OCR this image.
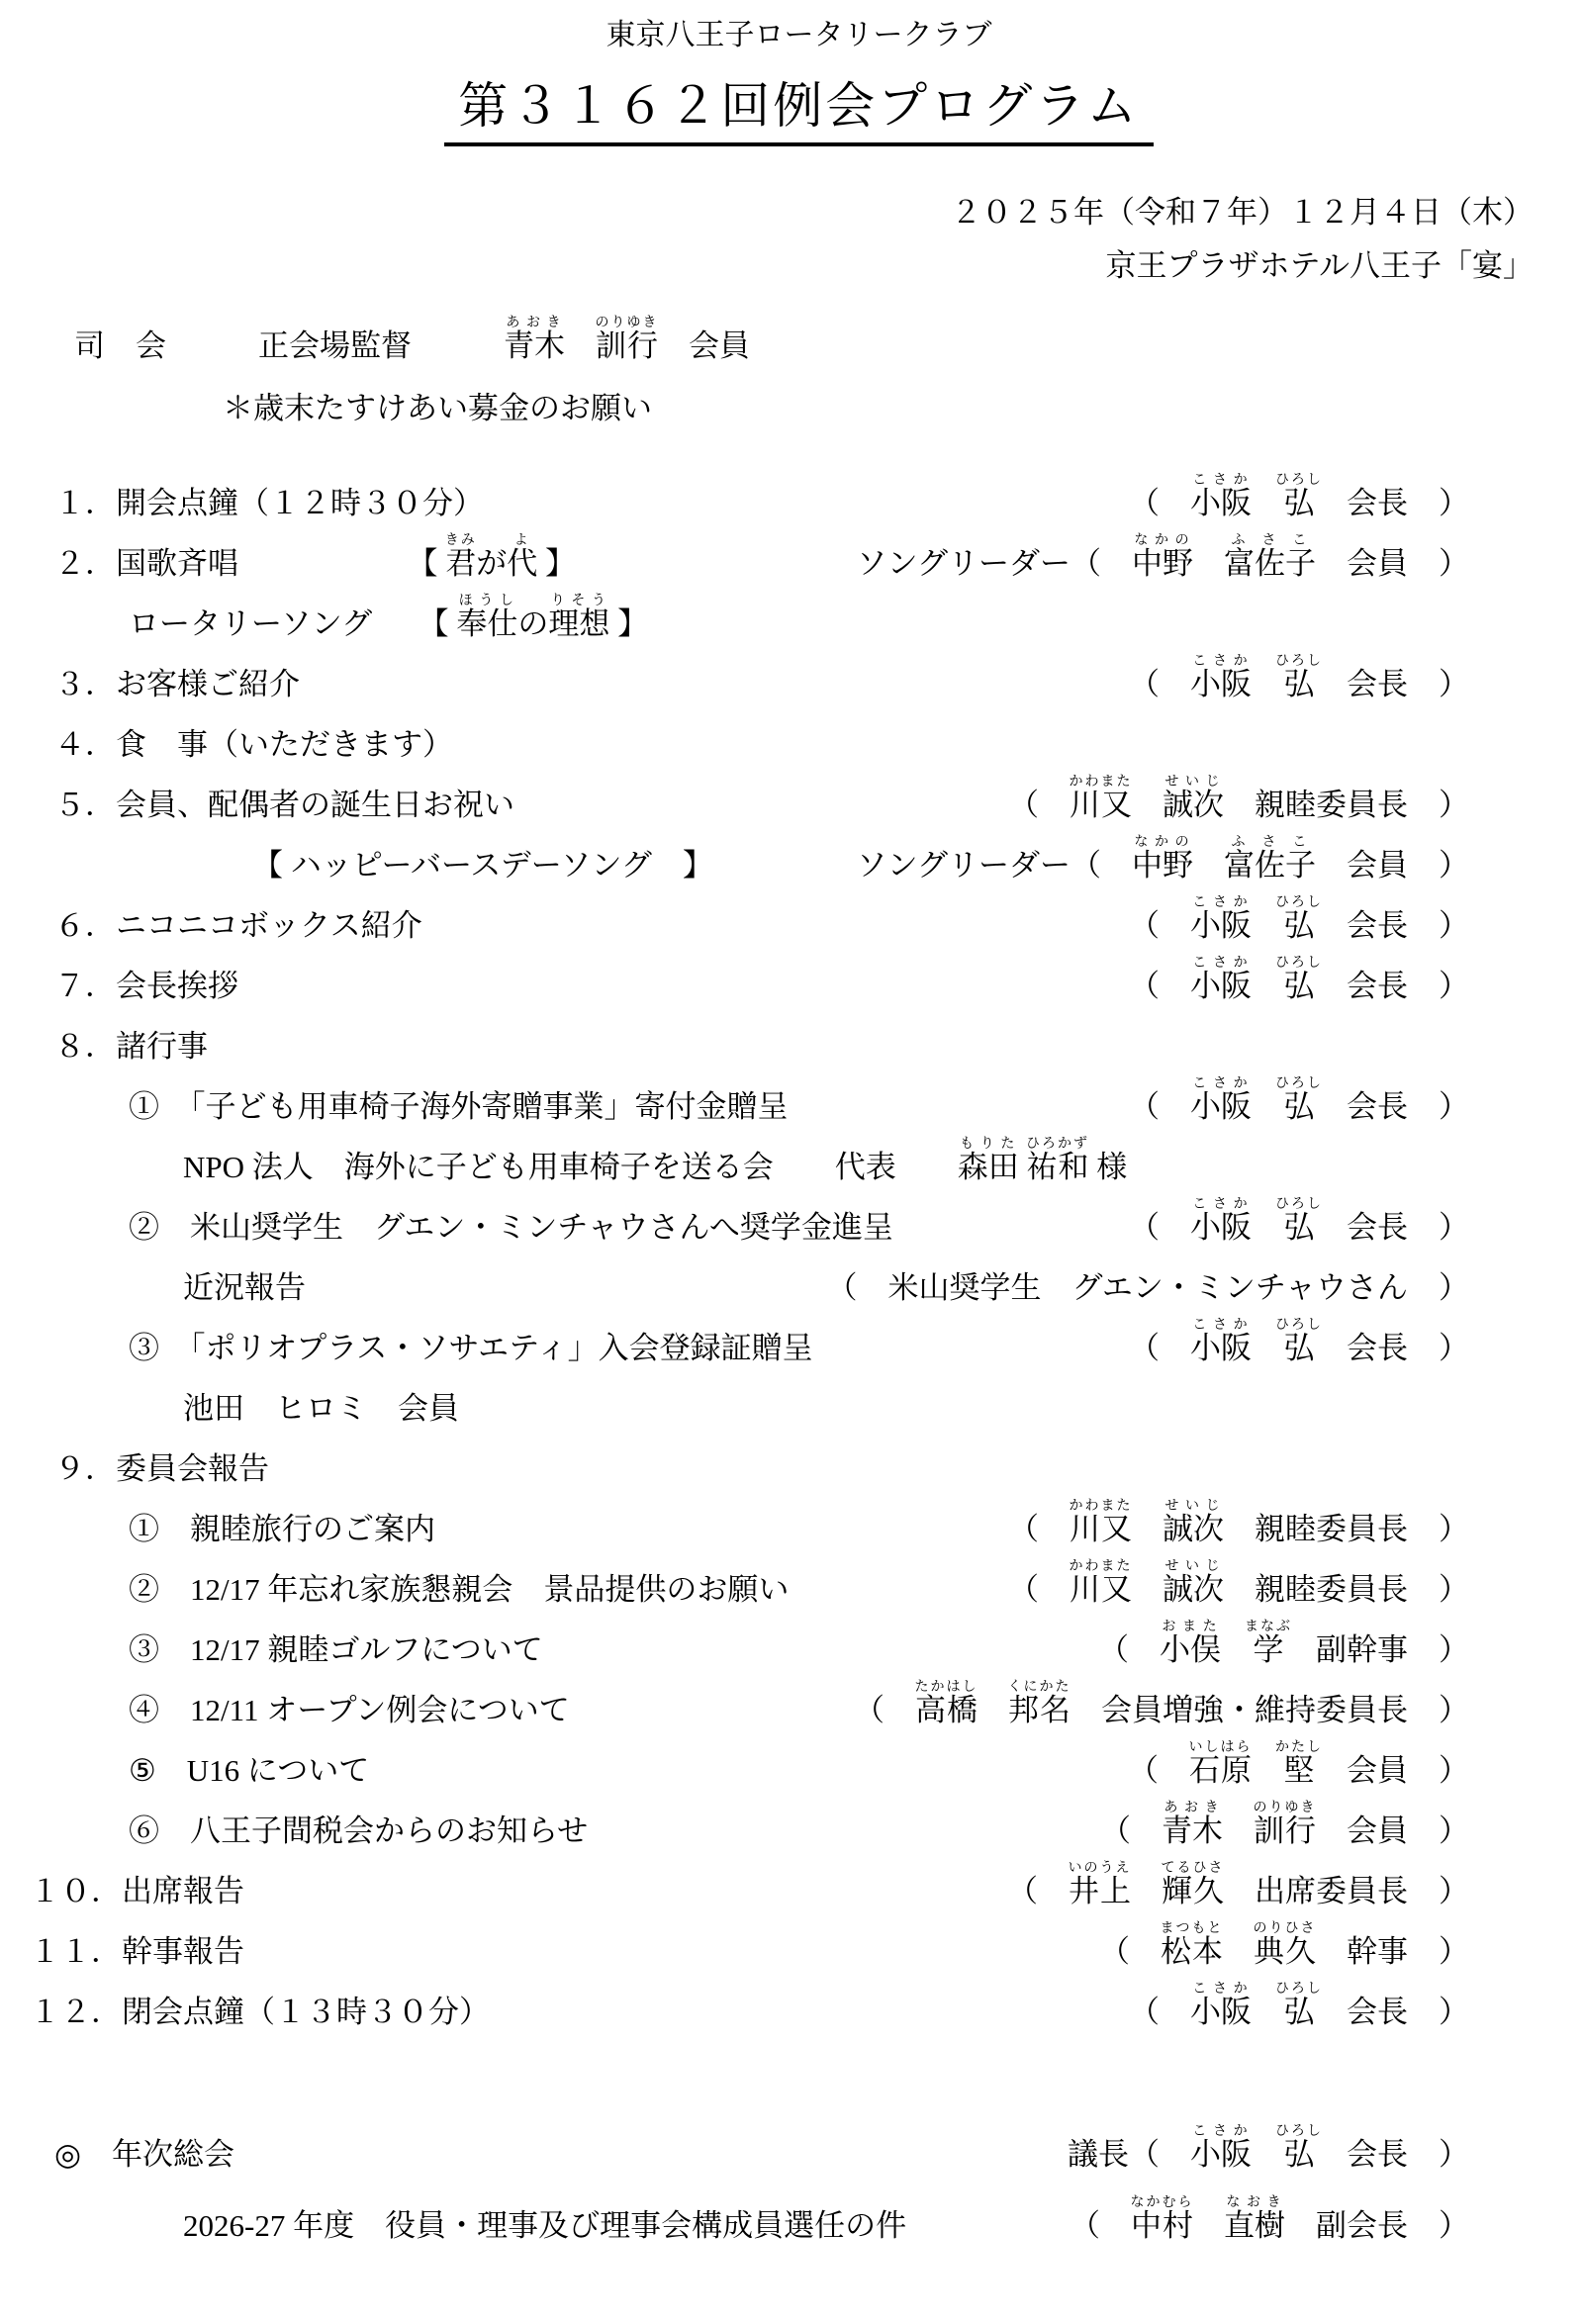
東京八王子ロータリークラブ
第３１６２回例会プログラム
２０２５年（令和７年）１２月４日（木）
京王プラザホテル八王子「宴」
司　会　　　正会場監督　　　青木あおき　訓行のりゆき　会員
＊歳末たすけあい募金のお願い
１．開会点鐘（１２時３０分）	（　小阪こさか　弘ひろし　会長　）
２．国歌斉唱　　　　　　【 君きみが代よ 】	ソングリーダー（　中野なかの　富佐子ふさこ　会員　）
ロータリーソング　　【 奉仕ほうしの理想りそう 】
３．お客様ご紹介	（　小阪こさか　弘ひろし　会長　）
４．食　事（いただきます）
５．会員、配偶者の誕生日お祝い	（　川又かわまた　誠次せいじ　親睦委員長　）
【 ハッピーバースデーソング　】	ソングリーダー（　中野なかの　富佐子ふさこ　会員　）
６．ニコニコボックス紹介	（　小阪こさか　弘ひろし　会長　）
７．会長挨拶	（　小阪こさか　弘ひろし　会長　）
８．諸行事
①　「子ども用車椅子海外寄贈事業」寄付金贈呈	（　小阪こさか　弘ひろし　会長　）
NPO 法人　海外に子ども用車椅子を送る会　　代表　　森田もりた 祐和ひろかず 様
②　米山奨学生　グエン・ミンチャウさんへ奨学金進呈	（　小阪こさか　弘ひろし　会長　）
近況報告	（　米山奨学生　グエン・ミンチャウさん　）
③　「ポリオプラス・ソサエティ」入会登録証贈呈	（　小阪こさか　弘ひろし　会長　）
池田　ヒロミ　会員
９．委員会報告
①　親睦旅行のご案内	（　川又かわまた　誠次せいじ　親睦委員長　）
②　12/17 年忘れ家族懇親会　景品提供のお願い	（　川又かわまた　誠次せいじ　親睦委員長　）
③　12/17 親睦ゴルフについて	（　小俣おまた　学まなぶ　副幹事　）
④　12/11 オープン例会について	（　高橋たかはし　邦名くにかた　会員増強・維持委員長　）
⑤　U16 について	（　石原いしはら　堅かたし　会員　）
⑥　八王子間税会からのお知らせ	（　青木あおき　訓行のりゆき　会員　）
１０．出席報告	（　井上いのうえ　輝久てるひさ　出席委員長　）
１１．幹事報告	（　松本まつもと　典久のりひさ　幹事　）
１２．閉会点鐘（１３時３０分）	（　小阪こさか　弘ひろし　会長　）
◎　年次総会	議長（　小阪こさか　弘ひろし　会長　）
2026-27 年度　役員・理事及び理事会構成員選任の件	（　中村なかむら　直樹なおき　副会長　）
